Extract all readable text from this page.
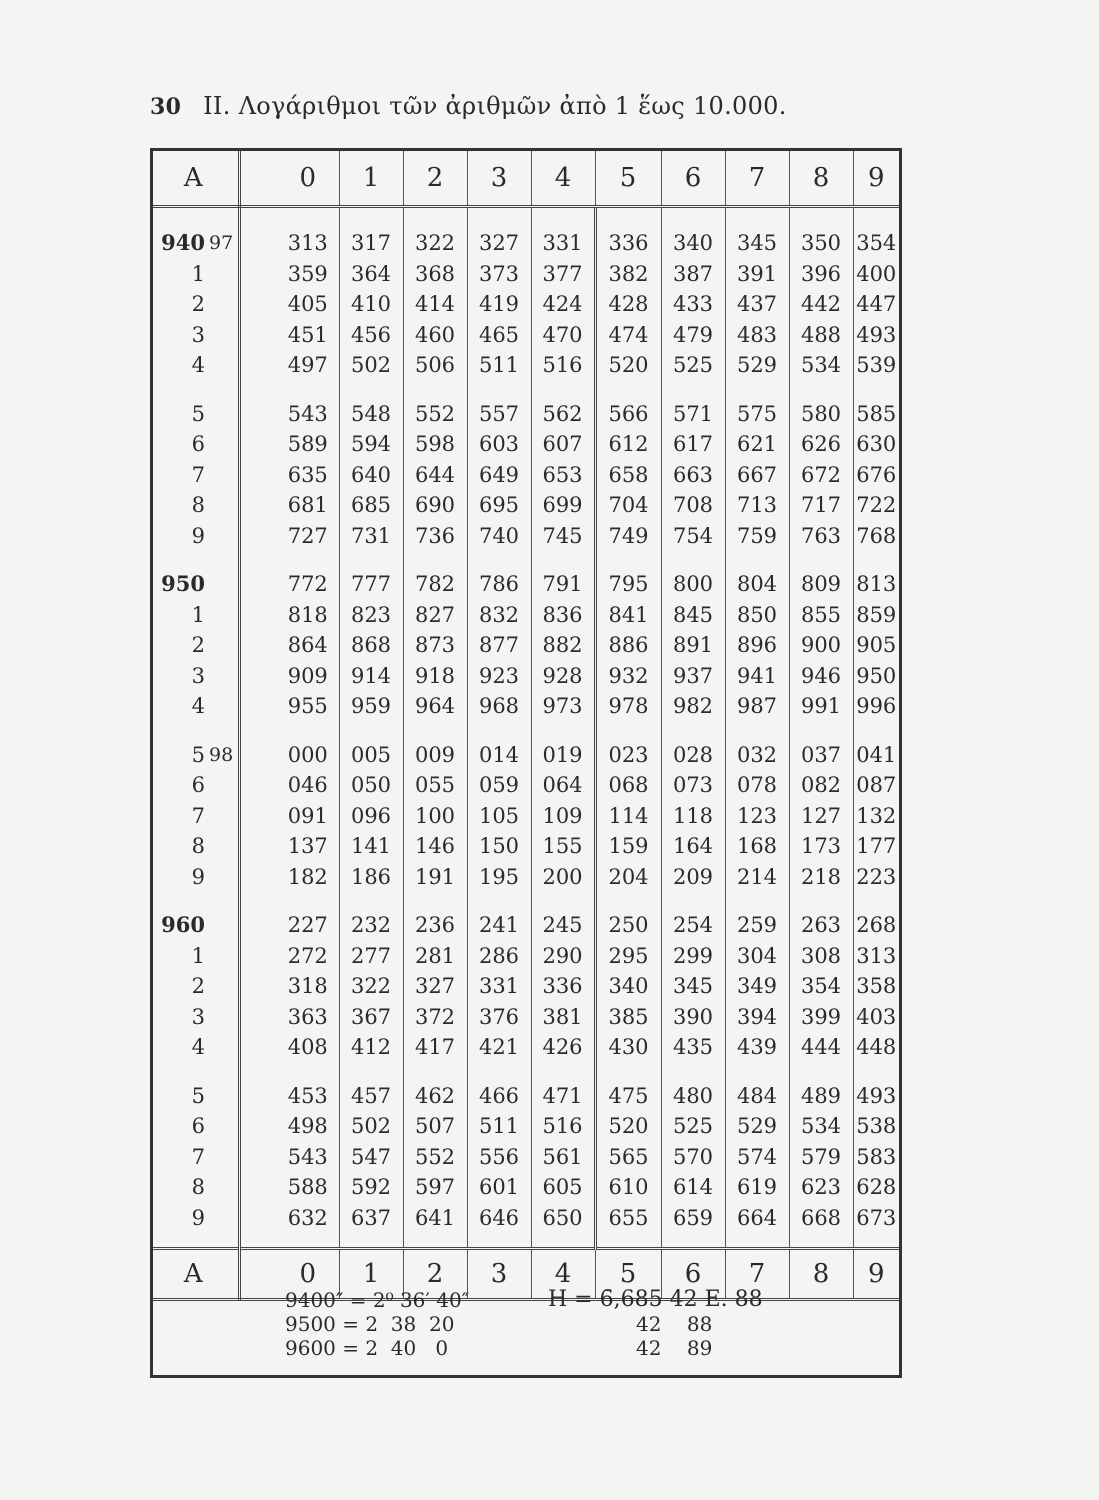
30 II. Λογάριθμοι τῶν ἀριθμῶν ἀπὸ 1 ἕως 10.000.
A			0	1	2	3	4	5	6	7	8	9
940	97		313	317	322	327	331	336	340	345	350	354
1			359	364	368	373	377	382	387	391	396	400
2			405	410	414	419	424	428	433	437	442	447
3			451	456	460	465	470	474	479	483	488	493
4			497	502	506	511	516	520	525	529	534	539
5			543	548	552	557	562	566	571	575	580	585
6			589	594	598	603	607	612	617	621	626	630
7			635	640	644	649	653	658	663	667	672	676
8			681	685	690	695	699	704	708	713	717	722
9			727	731	736	740	745	749	754	759	763	768
950			772	777	782	786	791	795	800	804	809	813
1			818	823	827	832	836	841	845	850	855	859
2			864	868	873	877	882	886	891	896	900	905
3			909	914	918	923	928	932	937	941	946	950
4			955	959	964	968	973	978	982	987	991	996
5	98		000	005	009	014	019	023	028	032	037	041
6			046	050	055	059	064	068	073	078	082	087
7			091	096	100	105	109	114	118	123	127	132
8			137	141	146	150	155	159	164	168	173	177
9			182	186	191	195	200	204	209	214	218	223
960			227	232	236	241	245	250	254	259	263	268
1			272	277	281	286	290	295	299	304	308	313
2			318	322	327	331	336	340	345	349	354	358
3			363	367	372	376	381	385	390	394	399	403
4			408	412	417	421	426	430	435	439	444	448
5			453	457	462	466	471	475	480	484	489	493
6			498	502	507	511	516	520	525	529	534	538
7			543	547	552	556	561	565	570	574	579	583
8			588	592	597	601	605	610	614	619	623	628
9			632	637	641	646	650	655	659	664	668	673
A			0	1	2	3	4	5	6	7	8	9
9400″ = 2⁰ 36′ 40″
9500 = 2  38  20
9600 = 2  40   0
H = 6̄,685 42 E. 88
42    88
42    89
